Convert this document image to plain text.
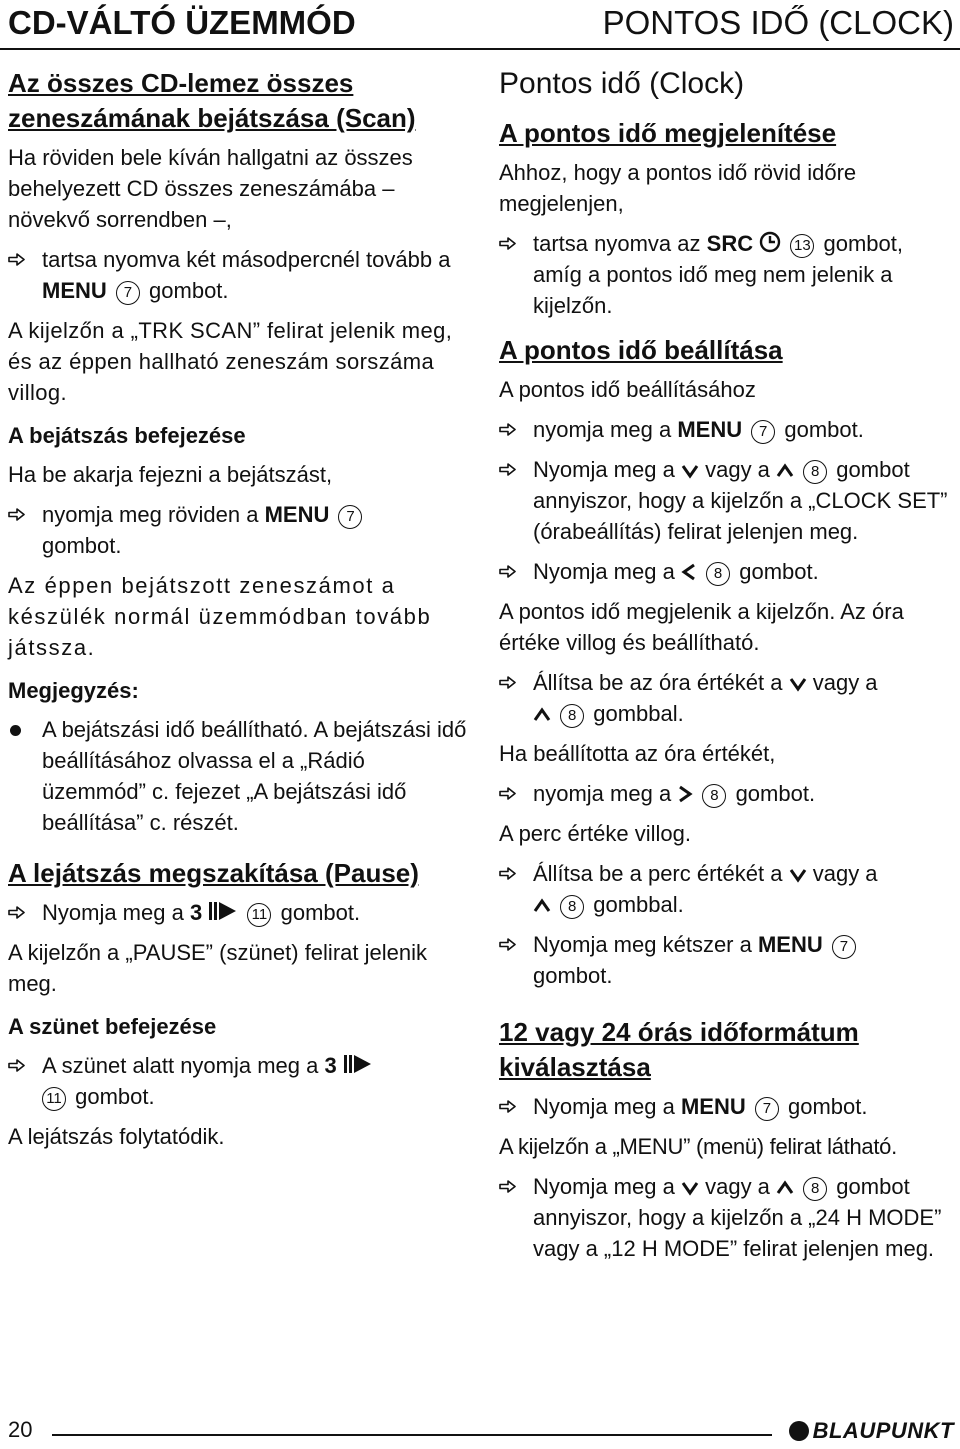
CD-VÁLTÓ ÜZEMMÓD	PONTOS IDŐ (CLOCK)
Az összes CD-lemez összes zeneszámának bejátszása (Scan)
Ha röviden bele kíván hallgatni az összes behelyezett CD összes zeneszámába – növekvő sorrendben –,
tartsa nyomva két másodpercnél tovább a MENU 7 gombot.
A kijelzőn a „TRK SCAN” felirat jelenik meg, és az éppen hallható zeneszám sorszáma villog.
A bejátszás befejezése
Ha be akarja fejezni a bejátszást,
nyomja meg röviden a MENU 7
gombot.
Az éppen bejátszott zeneszámot a készülék normál üzemmódban tovább játssza.
Megjegyzés:
A bejátszási idő beállítható. A bejátszási idő beállításához olvassa el a „Rádió üzemmód” c. fejezet „A bejátszási idő beállítása” c. részét.
A lejátszás megszakítása (Pause)
Nyomja meg a 3	11 gombot.
A kijelzőn a „PAUSE” (szünet) felirat jelenik meg.
A szünet befejezése
A szünet alatt nyomja meg a 3
11 gombot.
A lejátszás folytatódik.
Pontos idő (Clock)
A pontos idő megjelenítése
Ahhoz, hogy a pontos idő rövid időre megjelenjen,
tartsa nyomva az SRC	13 gombot, amíg a pontos idő meg nem jelenik a kijelzőn.
A pontos idő beállítása
A pontos idő beállításához
nyomja meg a MENU 7 gombot.
Nyomja meg a vagy a	8 gombot annyiszor, hogy a kijelzőn a „CLOCK SET” (órabeállítás) felirat jelenjen meg.
Nyomja meg a	8 gombot.
A pontos idő megjelenik a kijelzőn. Az óra értéke villog és beállítható.
Állítsa be az óra értékét a vagy a
8 gombbal.
Ha beállította az óra értékét,
nyomja meg a	8 gombot.
A perc értéke villog.
Állítsa be a perc értékét a vagy a
8 gombbal.
Nyomja meg kétszer a MENU 7
gombot.
12 vagy 24 órás időformátum kiválasztása
Nyomja meg a MENU 7 gombot.
A kijelzőn a „MENU” (menü) felirat látható.
Nyomja meg a vagy a	8 gombot annyiszor, hogy a kijelzőn a „24 H MODE” vagy a „12 H MODE” felirat jelenjen meg.
20	BLAUPUNKT
